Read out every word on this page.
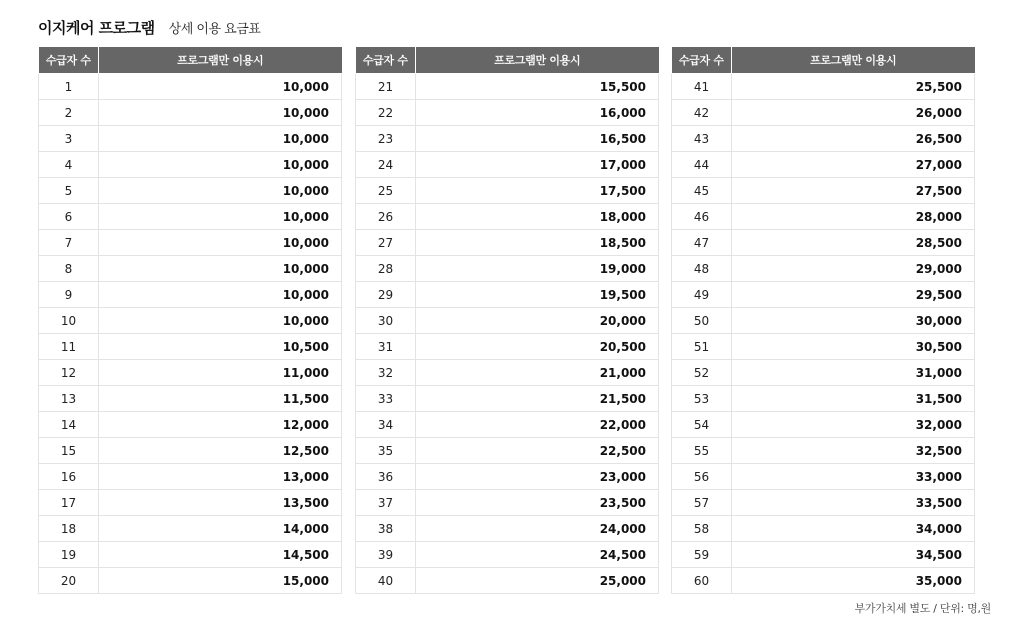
이지케어 프로그램 상세 이용 요금표
수급자 수	프로그램만 이용시
1	10,000
2	10,000
3	10,000
4	10,000
5	10,000
6	10,000
7	10,000
8	10,000
9	10,000
10	10,000
11	10,500
12	11,000
13	11,500
14	12,000
15	12,500
16	13,000
17	13,500
18	14,000
19	14,500
20	15,000
수급자 수	프로그램만 이용시
21	15,500
22	16,000
23	16,500
24	17,000
25	17,500
26	18,000
27	18,500
28	19,000
29	19,500
30	20,000
31	20,500
32	21,000
33	21,500
34	22,000
35	22,500
36	23,000
37	23,500
38	24,000
39	24,500
40	25,000
수급자 수	프로그램만 이용시
41	25,500
42	26,000
43	26,500
44	27,000
45	27,500
46	28,000
47	28,500
48	29,000
49	29,500
50	30,000
51	30,500
52	31,000
53	31,500
54	32,000
55	32,500
56	33,000
57	33,500
58	34,000
59	34,500
60	35,000
부가가치세 별도 / 단위: 명,원
